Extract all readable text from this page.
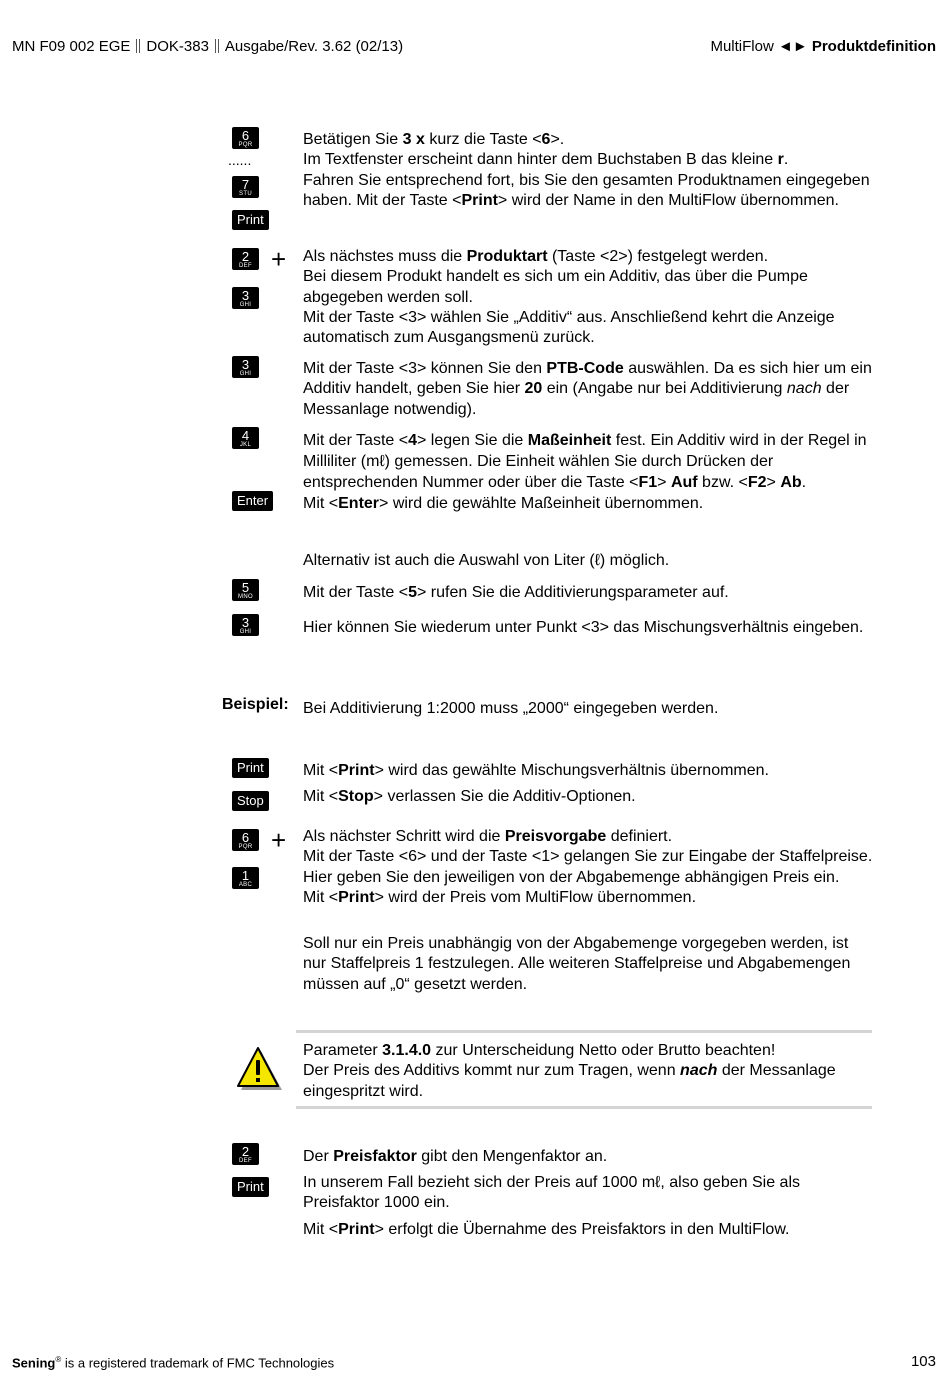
MN F09 002 EGE DOK-383 Ausgabe/Rev. 3.62 (02/13)	MultiFlow ◄► Produktdefinition
6
PQR
......
7
STU
Print
2
DEF +
3
GHI
3
GHI
4
JKL
Enter
5
MNO
3
GHI
Beispiel:
Print
Stop
6
PQR +
1
ABC
2
DEF
Print
Betätigen Sie 3 x kurz die Taste <6>.
Im Textfenster erscheint dann hinter dem Buchstaben B das kleine r.
Fahren Sie entsprechend fort, bis Sie den gesamten Produktnamen eingegeben haben. Mit der Taste <Print> wird der Name in den MultiFlow übernommen.
Als nächstes muss die Produktart (Taste <2>) festgelegt werden.
Bei diesem Produkt handelt es sich um ein Additiv, das über die Pumpe abgegeben werden soll.
Mit der Taste <3> wählen Sie „Additiv“ aus. Anschließend kehrt die Anzeige automatisch zum Ausgangsmenü zurück.
Mit der Taste <3> können Sie den PTB-Code auswählen. Da es sich hier um ein Additiv handelt, geben Sie hier 20 ein (Angabe nur bei Additivierung nach der Messanlage notwendig).
Mit der Taste <4> legen Sie die Maßeinheit fest. Ein Additiv wird in der Regel in Milliliter (mℓ) gemessen. Die Einheit wählen Sie durch Drücken der entsprechenden Nummer oder über die Taste <F1> Auf bzw. <F2> Ab.
Mit <Enter> wird die gewählte Maßeinheit übernommen.
Alternativ ist auch die Auswahl von Liter (ℓ) möglich.
Mit der Taste <5> rufen Sie die Additivierungsparameter auf.
Hier können Sie wiederum unter Punkt <3> das Mischungsverhältnis eingeben.
Bei Additivierung 1:2000 muss „2000“ eingegeben werden.
Mit <Print> wird das gewählte Mischungsverhältnis übernommen.
Mit <Stop> verlassen Sie die Additiv-Optionen.
Als nächster Schritt wird die Preisvorgabe definiert.
Mit der Taste <6> und der Taste <1> gelangen Sie zur Eingabe der Staffelpreise. Hier geben Sie den jeweiligen von der Abgabemenge abhängigen Preis ein.
Mit <Print> wird der Preis vom MultiFlow übernommen.
Soll nur ein Preis unabhängig von der Abgabemenge vorgegeben werden, ist nur Staffelpreis 1 festzulegen. Alle weiteren Staffelpreise und Abgabemengen müssen auf „0“ gesetzt werden.
Parameter 3.1.4.0 zur Unterscheidung Netto oder Brutto beachten!
Der Preis des Additivs kommt nur zum Tragen, wenn nach der Messanlage eingespritzt wird.
Der Preisfaktor gibt den Mengenfaktor an.
In unserem Fall bezieht sich der Preis auf 1000 mℓ, also geben Sie als Preisfaktor 1000 ein.
Mit <Print> erfolgt die Übernahme des Preisfaktors in den MultiFlow.
Sening® is a registered trademark of FMC Technologies	103
